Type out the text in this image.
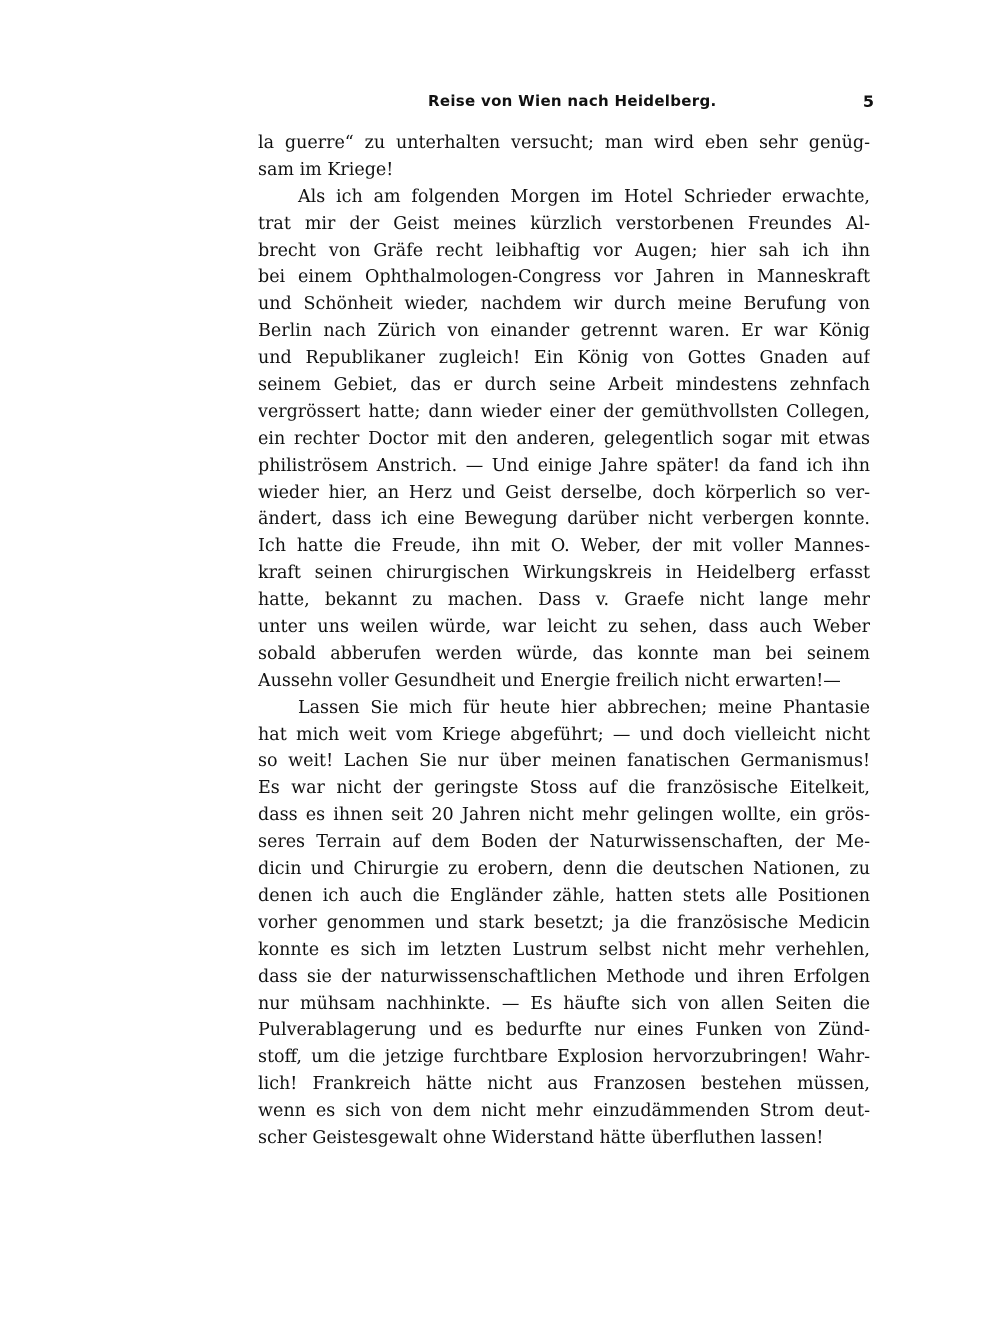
Reise von Wien nach Heidelberg.	5
la guerre“ zu unterhalten versucht; man wird eben sehr genüg-
sam im Kriege!
Als ich am folgenden Morgen im Hotel Schrieder erwachte,
trat mir der Geist meines kürzlich verstorbenen Freundes Al-
brecht von Gräfe recht leibhaftig vor Augen; hier sah ich ihn
bei einem Ophthalmologen-Congress vor Jahren in Manneskraft
und Schönheit wieder, nachdem wir durch meine Berufung von
Berlin nach Zürich von einander getrennt waren. Er war König
und Republikaner zugleich! Ein König von Gottes Gnaden auf
seinem Gebiet, das er durch seine Arbeit mindestens zehnfach
vergrössert hatte; dann wieder einer der gemüthvollsten Collegen,
ein rechter Doctor mit den anderen, gelegentlich sogar mit etwas
philiströsem Anstrich. — Und einige Jahre später! da fand ich ihn
wieder hier, an Herz und Geist derselbe, doch körperlich so ver-
ändert, dass ich eine Bewegung darüber nicht verbergen konnte.
Ich hatte die Freude, ihn mit O. Weber, der mit voller Mannes-
kraft seinen chirurgischen Wirkungskreis in Heidelberg erfasst
hatte, bekannt zu machen. Dass v. Graefe nicht lange mehr
unter uns weilen würde, war leicht zu sehen, dass auch Weber
sobald abberufen werden würde, das konnte man bei seinem
Aussehn voller Gesundheit und Energie freilich nicht erwarten!—
Lassen Sie mich für heute hier abbrechen; meine Phantasie
hat mich weit vom Kriege abgeführt; — und doch vielleicht nicht
so weit! Lachen Sie nur über meinen fanatischen Germanismus!
Es war nicht der geringste Stoss auf die französische Eitelkeit,
dass es ihnen seit 20 Jahren nicht mehr gelingen wollte, ein grös-
seres Terrain auf dem Boden der Naturwissenschaften, der Me-
dicin und Chirurgie zu erobern, denn die deutschen Nationen, zu
denen ich auch die Engländer zähle, hatten stets alle Positionen
vorher genommen und stark besetzt; ja die französische Medicin
konnte es sich im letzten Lustrum selbst nicht mehr verhehlen,
dass sie der naturwissenschaftlichen Methode und ihren Erfolgen
nur mühsam nachhinkte. — Es häufte sich von allen Seiten die
Pulverablagerung und es bedurfte nur eines Funken von Zünd-
stoff, um die jetzige furchtbare Explosion hervorzubringen! Wahr-
lich! Frankreich hätte nicht aus Franzosen bestehen müssen,
wenn es sich von dem nicht mehr einzudämmenden Strom deut-
scher Geistesgewalt ohne Widerstand hätte überfluthen lassen!
